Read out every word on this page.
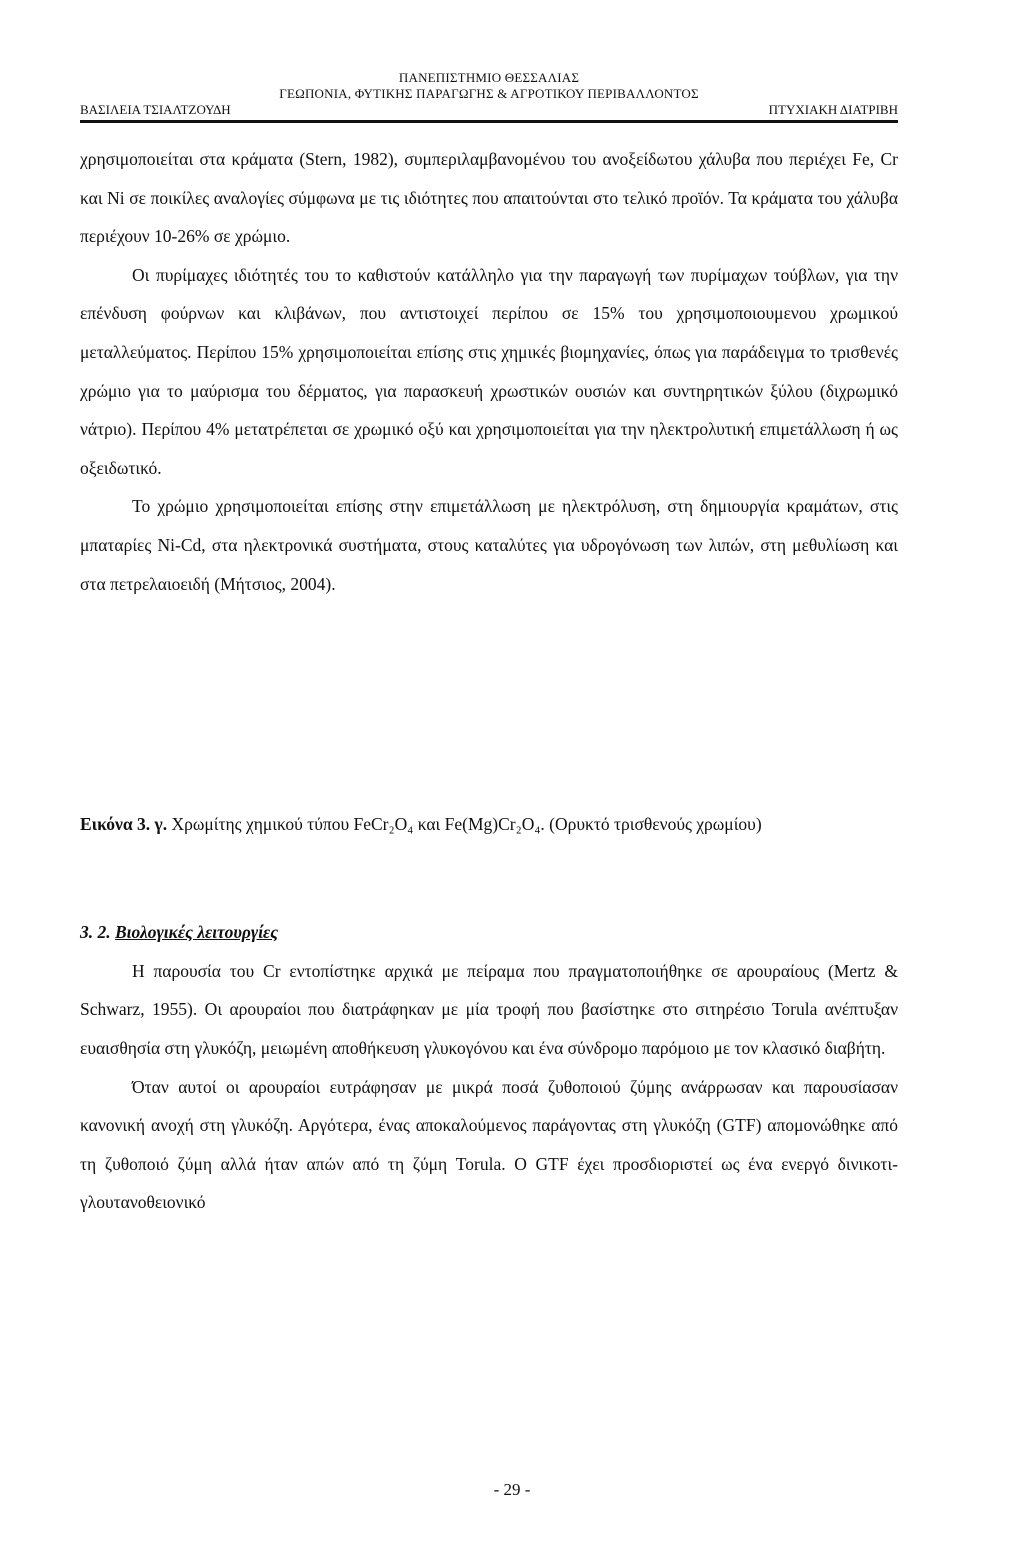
ΠΑΝΕΠΙΣΤΗΜΙΟ ΘΕΣΣΑΛΙΑΣ
ΓΕΩΠΟΝΙΑ, ΦΥΤΙΚΗΣ ΠΑΡΑΓΩΓΗΣ & ΑΓΡΟΤΙΚΟΥ ΠΕΡΙΒΑΛΛΟΝΤΟΣ
ΒΑΣΙΛΕΙΑ ΤΣΙΑΛΤΖΟΥΔΗ	ΠΤΥΧΙΑΚΗ ΔΙΑΤΡΙΒΗ

χρησιμοποιείται στα κράματα (Stern, 1982), συμπεριλαμβανομένου του ανοξείδωτου χάλυβα που περιέχει Fe, Cr και Ni σε ποικίλες αναλογίες σύμφωνα με τις ιδιότητες που απαιτούνται στο τελικό προϊόν. Τα κράματα του χάλυβα περιέχουν 10-26% σε χρώμιο.

Οι πυρίμαχες ιδιότητές του το καθιστούν κατάλληλο για την παραγωγή των πυρίμαχων τούβλων, για την επένδυση φούρνων και κλιβάνων, που αντιστοιχεί περίπου σε 15% του χρησιμοποιουμενου χρωμικού μεταλλεύματος. Περίπου 15% χρησιμοποιείται επίσης στις χημικές βιομηχανίες, όπως για παράδειγμα το τρισθενές χρώμιο για το μαύρισμα του δέρματος, για παρασκευή χρωστικών ουσιών και συντηρητικών ξύλου (διχρωμικό νάτριο). Περίπου 4% μετατρέπεται σε χρωμικό οξύ και χρησιμοποιείται για την ηλεκτρολυτική επιμετάλλωση ή ως οξειδωτικό.

Το χρώμιο χρησιμοποιείται επίσης στην επιμετάλλωση με ηλεκτρόλυση, στη δημιουργία κραμάτων, στις μπαταρίες Ni-Cd, στα ηλεκτρονικά συστήματα, στους καταλύτες για υδρογόνωση των λιπών, στη μεθυλίωση και στα πετρελαιοειδή (Μήτσιος, 2004).

Εικόνα 3. γ. Χρωμίτης χημικού τύπου FeCr₂O₄ και Fe(Mg)Cr₂O₄. (Ορυκτό τρισθενούς χρωμίου)

3. 2. Βιολογικές λειτουργίες

Η παρουσία του Cr εντοπίστηκε αρχικά με πείραμα που πραγματοποιήθηκε σε αρουραίους (Mertz & Schwarz, 1955). Οι αρουραίοι που διατράφηκαν με μία τροφή που βασίστηκε στο σιτηρέσιο Torula ανέπτυξαν ευαισθησία στη γλυκόζη, μειωμένη αποθήκευση γλυκογόνου και ένα σύνδρομο παρόμοιο με τον κλασικό διαβήτη.

Όταν αυτοί οι αρουραίοι ευτράφησαν με μικρά ποσά ζυθοποιού ζύμης ανάρρωσαν και παρουσίασαν κανονική ανοχή στη γλυκόζη. Αργότερα, ένας αποκαλούμενος παράγοντας στη γλυκόζη (GTF) απομονώθηκε από τη ζυθοποιό ζύμη αλλά ήταν απών από τη ζύμη Torula. Ο GTF έχει προσδιοριστεί ως ένα ενεργό δινικοτι-γλουτανοθειονικό

- 29 -
